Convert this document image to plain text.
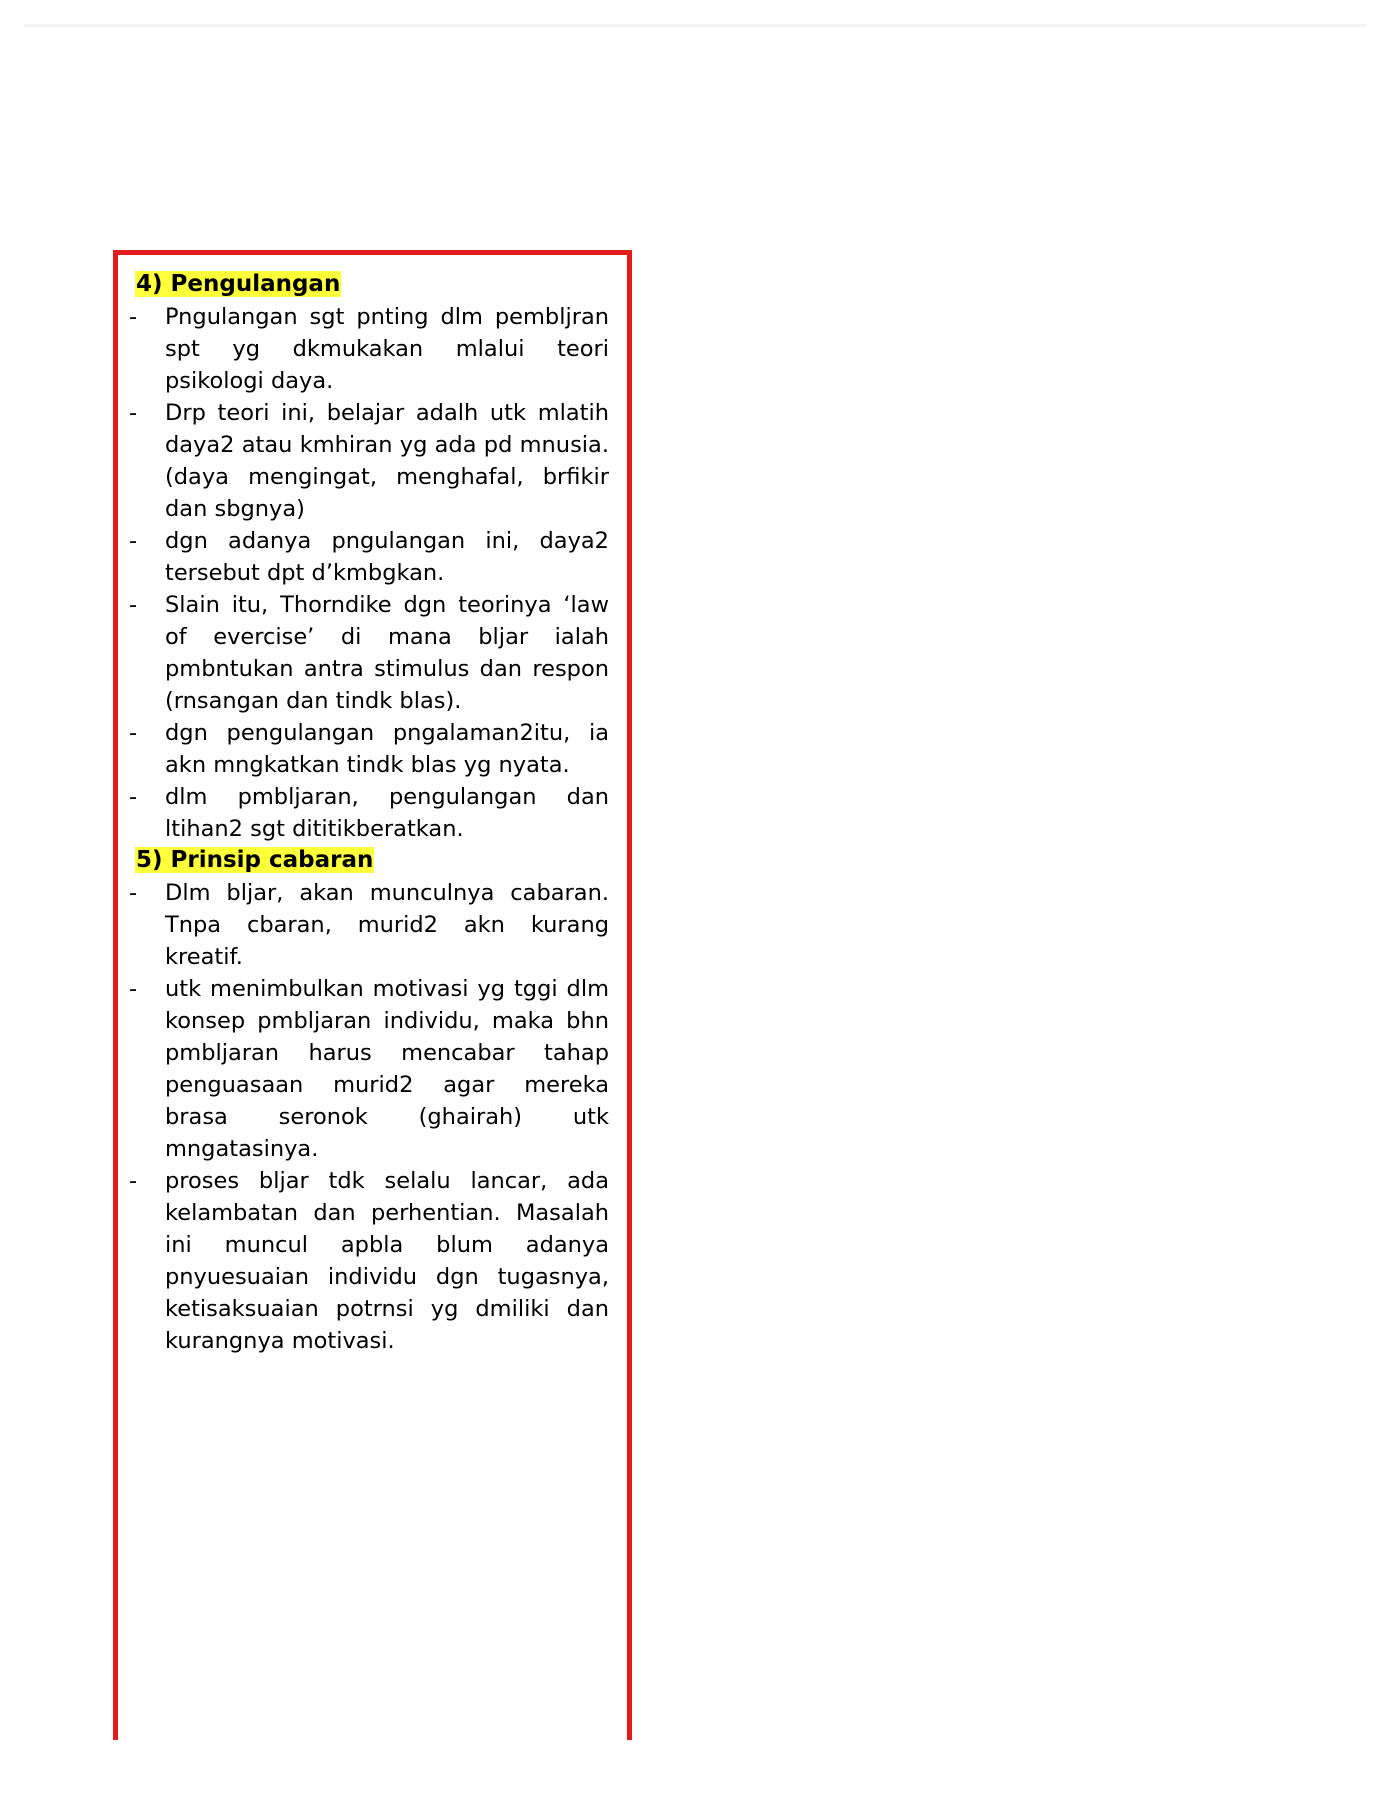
4) Pengulangan
-	Pngulangan sgt pnting dlm pembljran spt yg dkmukakan mlalui teori psikologi daya.
-	Drp teori ini, belajar adalh utk mlatih daya2 atau kmhiran yg ada pd mnusia. (daya mengingat, menghafal, brfikir dan sbgnya)
-	dgn adanya pngulangan ini, daya2 tersebut dpt d’kmbgkan.
-	Slain itu, Thorndike dgn teorinya ‘law of evercise’ di mana bljar ialah pmbntukan antra stimulus dan respon (rnsangan dan tindk blas).
-	dgn pengulangan pngalaman2itu, ia akn mngkatkan tindk blas yg nyata.
-	dlm pmbljaran, pengulangan dan ltihan2 sgt dititikberatkan.
5) Prinsip cabaran
-	Dlm bljar, akan munculnya cabaran. Tnpa cbaran, murid2 akn kurang kreatif.
-	utk menimbulkan motivasi yg tggi dlm konsep pmbljaran individu, maka bhn pmbljaran harus mencabar tahap penguasaan murid2 agar mereka brasa seronok (ghairah) utk mngatasinya.
-	proses bljar tdk selalu lancar, ada kelambatan dan perhentian. Masalah ini muncul apbla blum adanya pnyuesuaian individu dgn tugasnya, ketisaksuaian potrnsi yg dmiliki dan kurangnya motivasi.
